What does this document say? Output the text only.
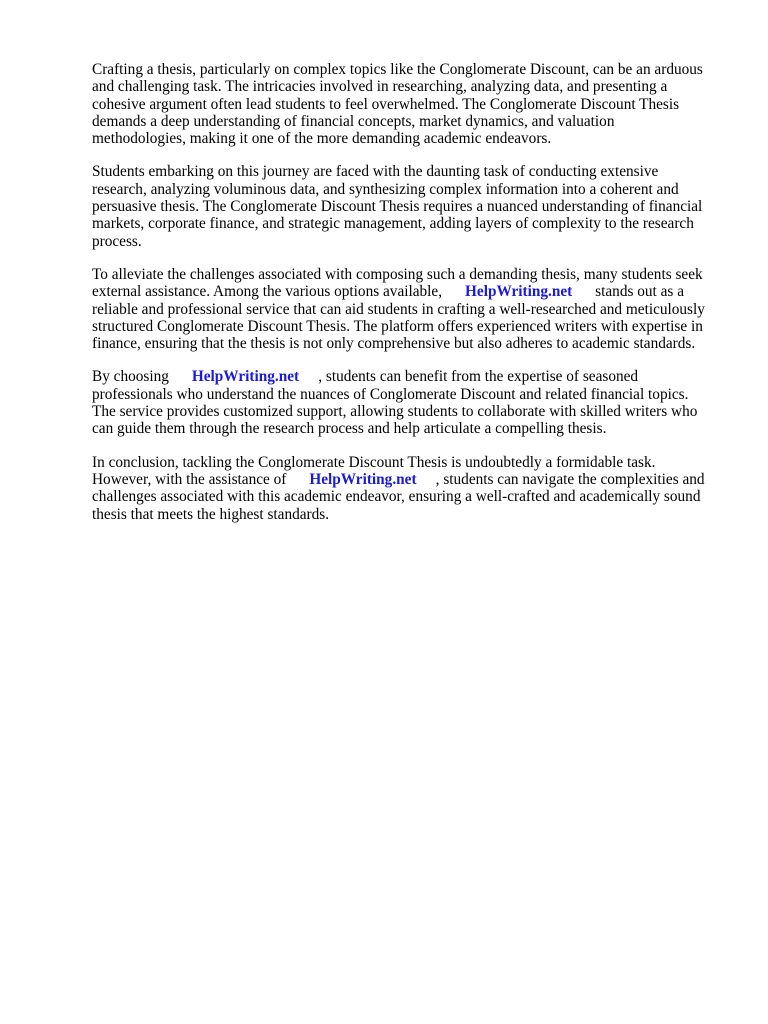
Crafting a thesis, particularly on complex topics like the Conglomerate Discount, can be an arduous
and challenging task. The intricacies involved in researching, analyzing data, and presenting a
cohesive argument often lead students to feel overwhelmed. The Conglomerate Discount Thesis
demands a deep understanding of financial concepts, market dynamics, and valuation
methodologies, making it one of the more demanding academic endeavors.
Students embarking on this journey are faced with the daunting task of conducting extensive
research, analyzing voluminous data, and synthesizing complex information into a coherent and
persuasive thesis. The Conglomerate Discount Thesis requires a nuanced understanding of financial
markets, corporate finance, and strategic management, adding layers of complexity to the research
process.
To alleviate the challenges associated with composing such a demanding thesis, many students seek
external assistance. Among the various options available,      HelpWriting.net      stands out as a
reliable and professional service that can aid students in crafting a well-researched and meticulously
structured Conglomerate Discount Thesis. The platform offers experienced writers with expertise in
finance, ensuring that the thesis is not only comprehensive but also adheres to academic standards.
By choosing      HelpWriting.net     , students can benefit from the expertise of seasoned
professionals who understand the nuances of Conglomerate Discount and related financial topics.
The service provides customized support, allowing students to collaborate with skilled writers who
can guide them through the research process and help articulate a compelling thesis.
In conclusion, tackling the Conglomerate Discount Thesis is undoubtedly a formidable task.
However, with the assistance of      HelpWriting.net     , students can navigate the complexities and
challenges associated with this academic endeavor, ensuring a well-crafted and academically sound
thesis that meets the highest standards.
